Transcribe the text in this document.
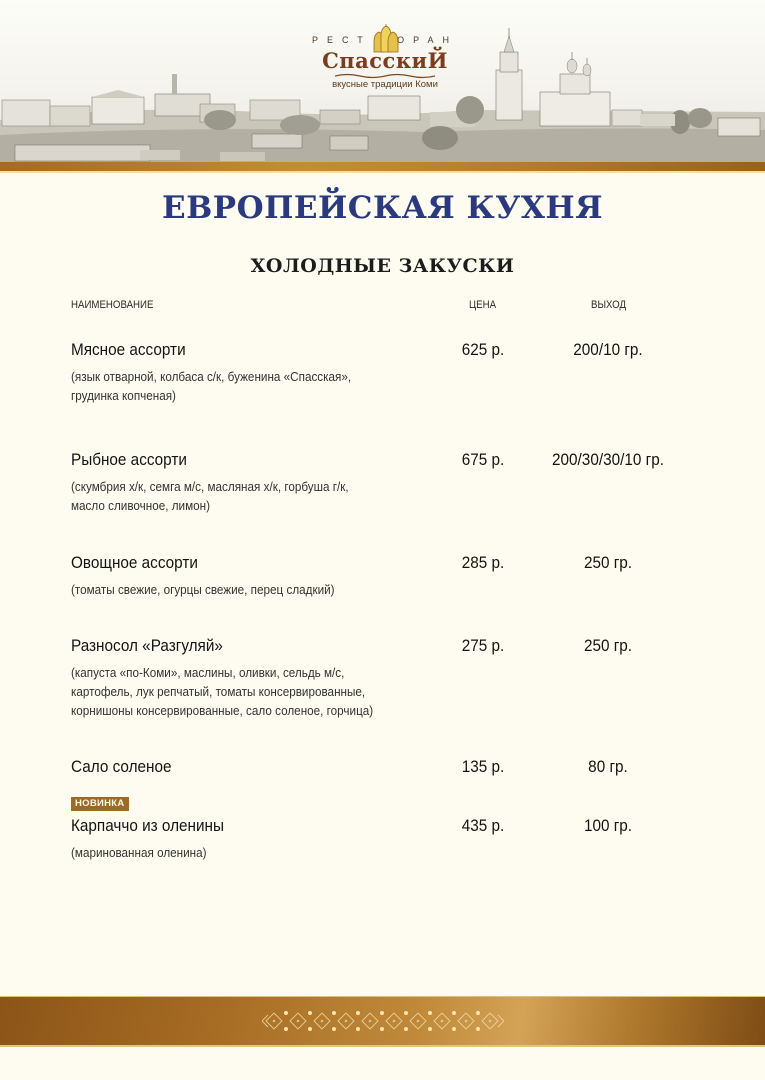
РЕСТ	ОРАН
СпасскиЙ
вкусные традиции Коми
ЕВРОПЕЙСКАЯ КУХНЯ
ХОЛОДНЫЕ ЗАКУСКИ
НАИМЕНОВАНИЕ	ЦЕНА	ВЫХОД
Мясное ассорти	625 р.	200/10 гр.
(язык отварной, колбаса с/к, буженина «Спасская»,
грудинка копченая)
Рыбное ассорти	675 р.	200/30/30/10 гр.
(скумбрия х/к, семга м/с, масляная х/к, горбуша г/к,
масло сливочное, лимон)
Овощное ассорти	285 р.	250 гр.
(томаты свежие, огурцы свежие, перец сладкий)
Разносол «Разгуляй»	275 р.	250 гр.
(капуста «по-Коми», маслины, оливки, сельдь м/с,
картофель, лук репчатый, томаты консервированные,
корнишоны консервированные, сало соленое, горчица)
Сало соленое	135 р.	80 гр.
НОВИНКА
Карпаччо из оленины	435 р.	100 гр.
(маринованная оленина)
